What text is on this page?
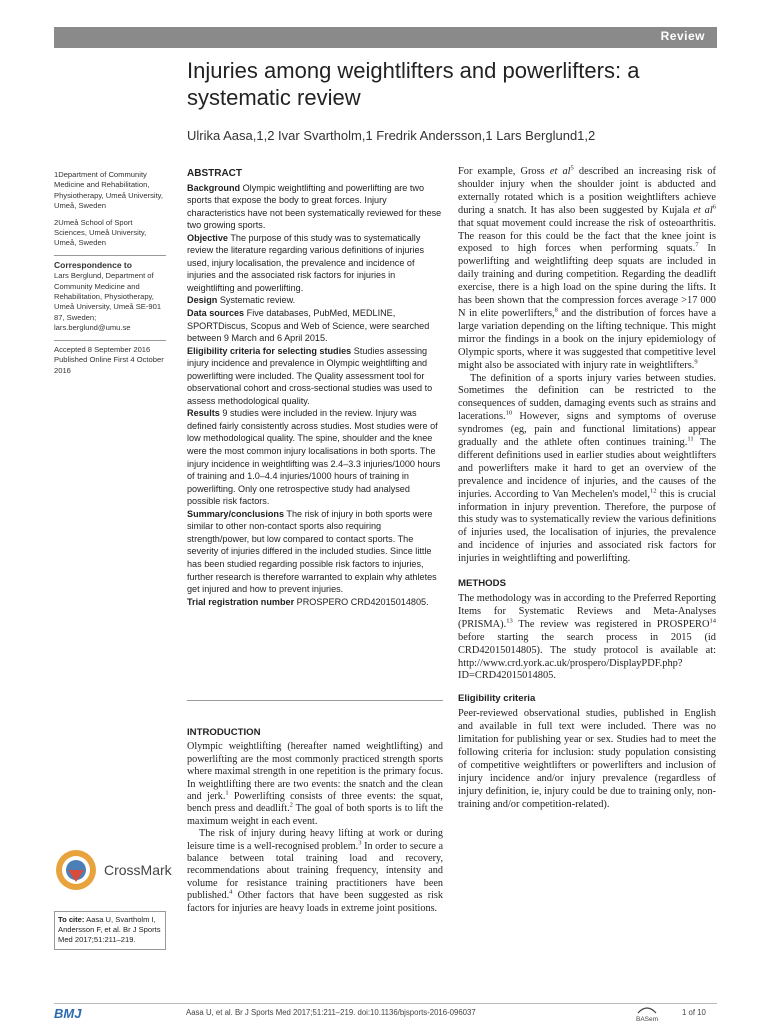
Review
Injuries among weightlifters and powerlifters: a systematic review
Ulrika Aasa,1,2 Ivar Svartholm,1 Fredrik Andersson,1 Lars Berglund1,2

1Department of Community Medicine and Rehabilitation, Physiotherapy, Umeå University, Umeå, Sweden

2Umeå School of Sport Sciences, Umeå University, Umeå, Sweden

Correspondence to

Lars Berglund, Department of Community Medicine and Rehabilitation, Physiotherapy, Umeå University, Umeå SE-901 87, Sweden; lars.berglund@umu.se

Accepted 8 September 2016

Published Online First 4 October 2016

ABSTRACT

Background Olympic weightlifting and powerlifting are two sports that expose the body to great forces. Injury characteristics have not been systematically reviewed for these two growing sports.

Objective The purpose of this study was to systematically review the literature regarding various definitions of injuries used, injury localisation, the prevalence and incidence of injuries and the associated risk factors for injuries in weightlifting and powerlifting.

Design Systematic review.

Data sources Five databases, PubMed, MEDLINE, SPORTDiscus, Scopus and Web of Science, were searched between 9 March and 6 April 2015.

Eligibility criteria for selecting studies Studies assessing injury incidence and prevalence in Olympic weightlifting and powerlifting were included. The Quality assessment tool for observational cohort and cross-sectional studies was used to assess methodological quality.

Results 9 studies were included in the review. Injury was defined fairly consistently across studies. Most studies were of low methodological quality. The spine, shoulder and the knee were the most common injury localisations in both sports. The injury incidence in weightlifting was 2.4–3.3 injuries/1000 hours of training and 1.0–4.4 injuries/1000 hours of training in powerlifting. Only one retrospective study had analysed possible risk factors.

Summary/conclusions The risk of injury in both sports were similar to other non-contact sports also requiring strength/power, but low compared to contact sports. The severity of injuries differed in the included studies. Since little has been studied regarding possible risk factors to injuries, further research is therefore warranted to explain why athletes get injured and how to prevent injuries.

Trial registration number PROSPERO CRD42015014805.

INTRODUCTION

Olympic weightlifting (hereafter named weightlifting) and powerlifting are the most commonly practiced strength sports where maximal strength in one repetition is the primary focus. In weightlifting there are two events: the snatch and the clean and jerk.$^1$ Powerlifting consists of three events: the squat, bench press and deadlift.$^2$ The goal of both sports is to lift the maximum weight in each event.

The risk of injury during heavy lifting at work or during leisure time is a well-recognised problem.$^3$ In order to secure a balance between total training load and recovery, recommendations about training frequency, intensity and volume for resistance training practitioners have been published.$^4$ Other factors that have been suggested as risk factors for injuries are heavy loads in extreme joint positions.

For example, Gross et $al^5$ described an increasing risk of shoulder injury when the shoulder joint is abducted and externally rotated which is a position weightlifters achieve during a snatch. It has also been suggested by Kujala et $al^6$ that squat movement could increase the risk of osteoarthritis. The reason for this could be the fact that the knee joint is exposed to high forces when performing squats.$^7$ In powerlifting and weightlifting deep squats are included in daily training and during competition. Regarding the deadlift exercise, there is a high load on the spine during the lifts. It has been shown that the compression forces average >17 000 N in elite powerlifters,$^8$ and the distribution of forces have a large variation depending on the lifting technique. This might mirror the findings in a book on the injury epidemiology of Olympic sports, where it was suggested that competitive level might also be associated with injury rate in weightlifters.$^9$

The definition of a sports injury varies between studies. Sometimes the definition can be restricted to the consequences of sudden, damaging events such as strains and lacerations.$^{10}$ However, signs and symptoms of overuse syndromes (eg, pain and functional limitations) appear gradually and the athlete often continues training.$^{11}$ The different definitions used in earlier studies about weightlifters and powerlifters make it hard to get an overview of the prevalence and incidence of injuries, and the causes of the injuries. According to Van Mechelen's model,$^{12}$ this is crucial information in injury prevention. Therefore, the purpose of this study was to systematically review the various definitions of injuries used, the localisation of injuries, the prevalence and incidence of injuries and associated risk factors for injuries in weightlifting and powerlifting.

METHODS

The methodology was in according to the Preferred Reporting Items for Systematic Reviews and Meta-Analyses (PRISMA).$^{13}$ The review was registered in PROSPERO$^{14}$ before starting the search process in 2015 (id CRD42015014805). The study protocol is available at: http://www.crd.york.ac.uk/prospero/DisplayPDF.php?ID=CRD42015014805.

Eligibility criteria

Peer-reviewed observational studies, published in English and available in full text were included. There was no limitation for publishing year or sex. Studies had to meet the following criteria for inclusion: study population consisting of competitive weightlifters or powerlifters and inclusion of injury incidence and/or injury prevalence (regardless of injury definition, ie, injury could be due to training only, non-training and/or competition-related).

CrossMark
To cite: Aasa U, Svartholm I, Andersson F, et al. Br J Sports Med 2017;51:211–219.
BMJ	Aasa U, et al. Br J Sports Med 2017;51:211–219. doi:10.1136/bjsports-2016-096037

BASem
1 of 10
